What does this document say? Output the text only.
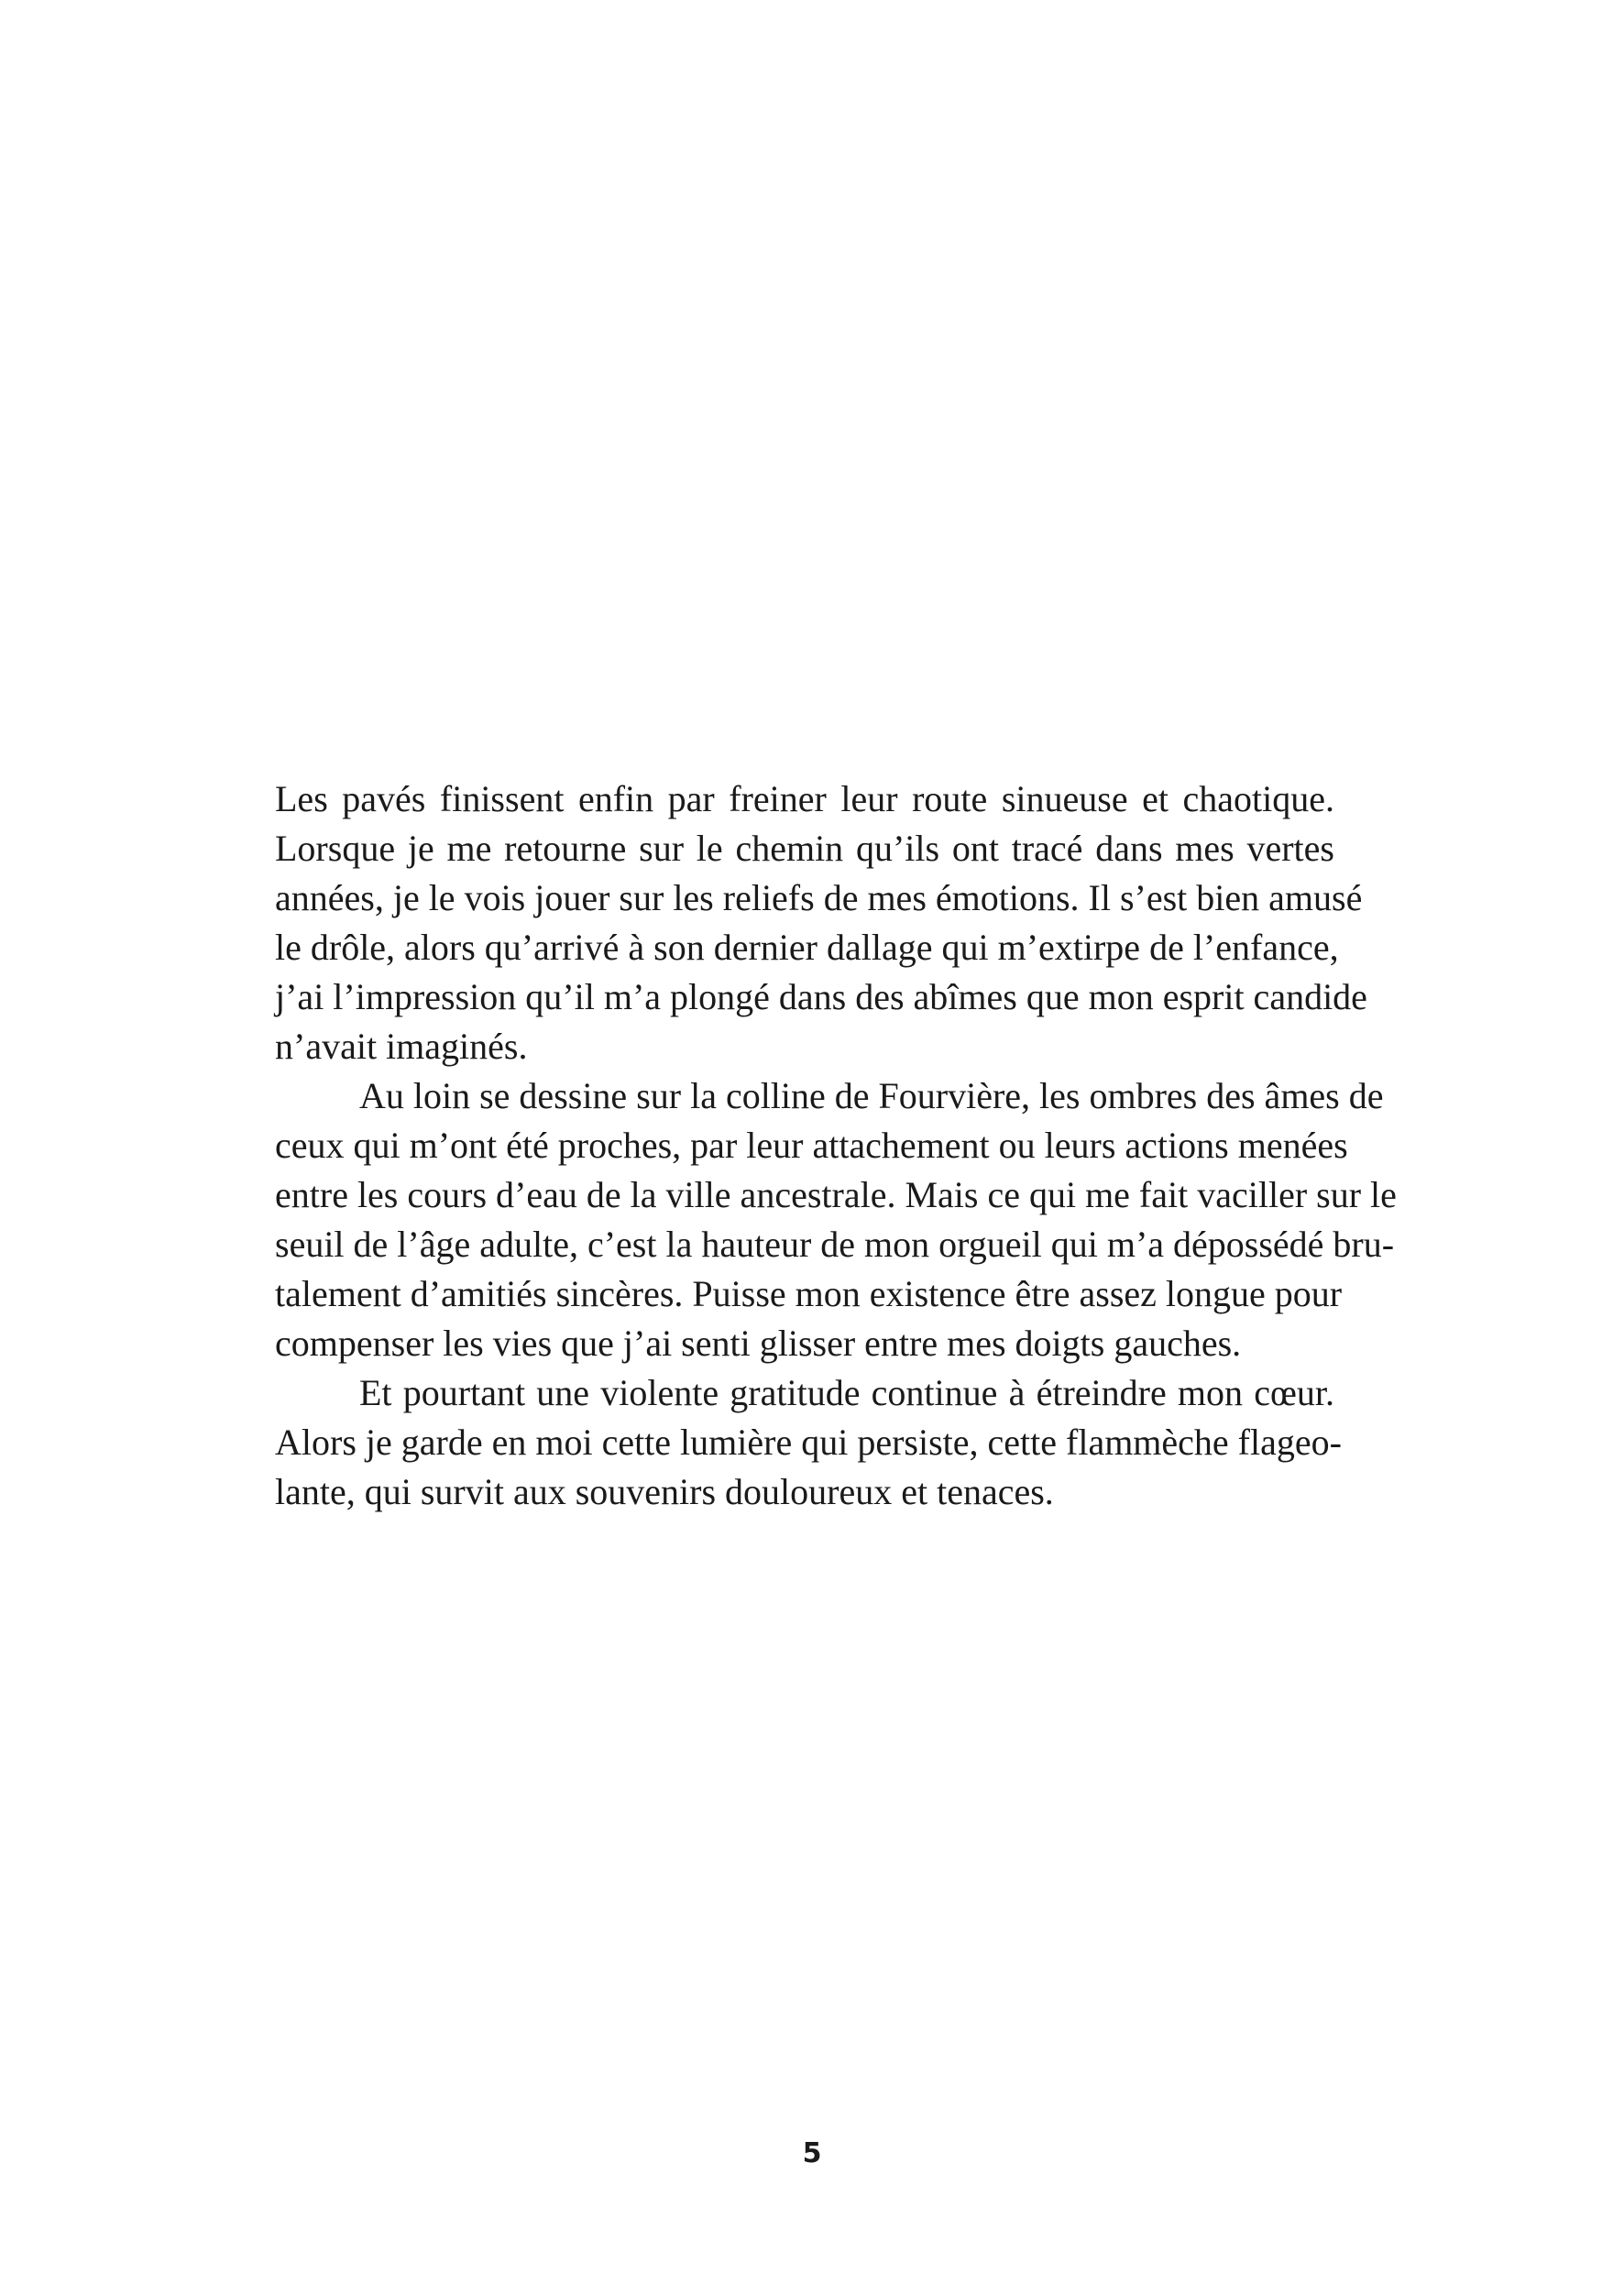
Les pavés finissent enfin par freiner leur route sinueuse et chaotique.
Lorsque je me retourne sur le chemin qu’ils ont tracé dans mes vertes
années, je le vois jouer sur les reliefs de mes émotions. Il s’est bien amusé
le drôle, alors qu’arrivé à son dernier dallage qui m’extirpe de l’enfance,
j’ai l’impression qu’il m’a plongé dans des abîmes que mon esprit candide
n’avait imaginés.
Au loin se dessine sur la colline de Fourvière, les ombres des âmes de
ceux qui m’ont été proches, par leur attachement ou leurs actions menées
entre les cours d’eau de la ville ancestrale. Mais ce qui me fait vaciller sur le
seuil de l’âge adulte, c’est la hauteur de mon orgueil qui m’a dépossédé bru-
talement d’amitiés sincères. Puisse mon existence être assez longue pour
compenser les vies que j’ai senti glisser entre mes doigts gauches.
Et pourtant une violente gratitude continue à étreindre mon cœur.
Alors je garde en moi cette lumière qui persiste, cette flammèche flageo-
lante, qui survit aux souvenirs douloureux et tenaces.
5
